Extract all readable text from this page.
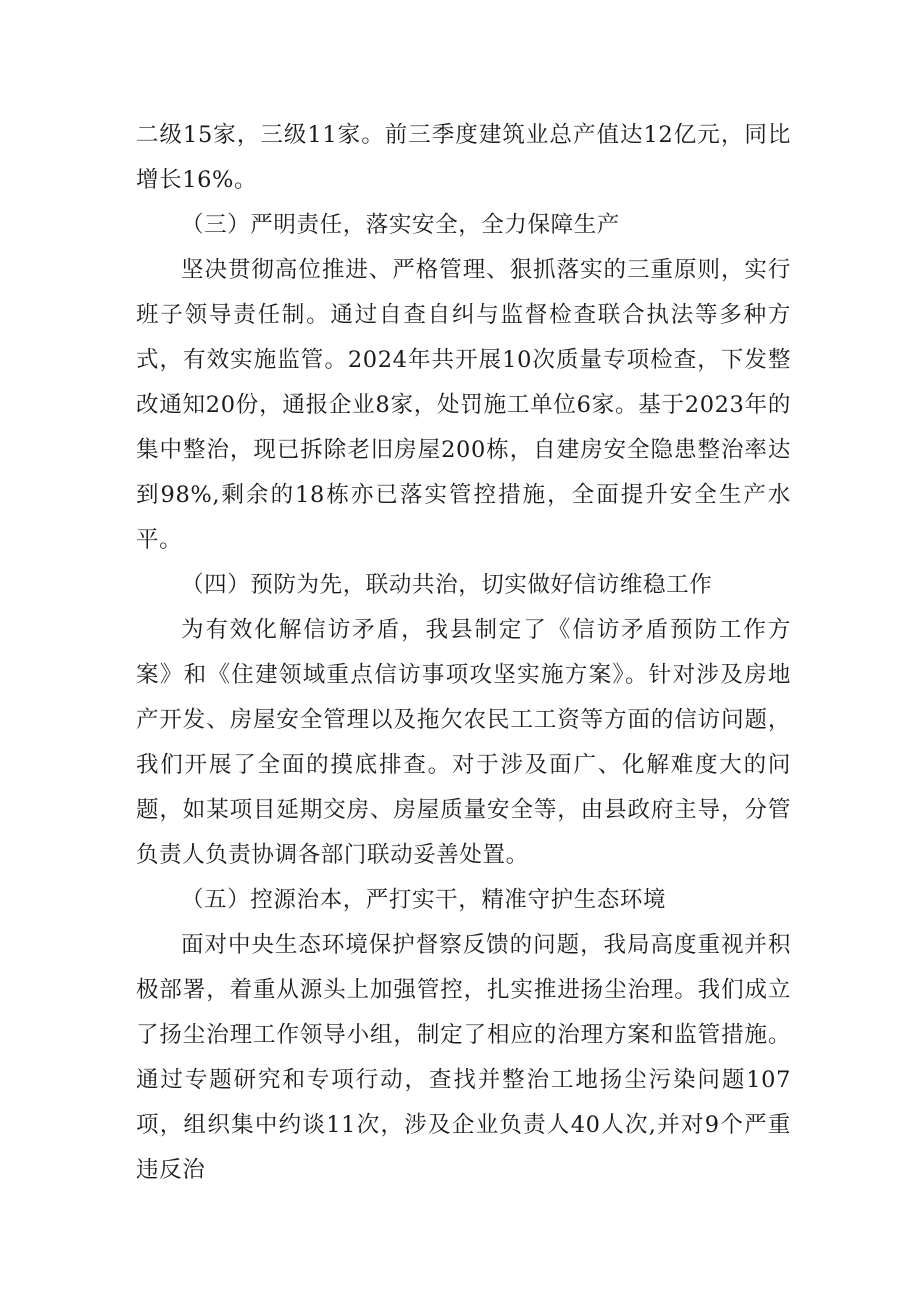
二级15家，三级11家。前三季度建筑业总产值达12亿元，同比增长16%。

（三）严明责任，落实安全，全力保障生产

坚决贯彻高位推进、严格管理、狠抓落实的三重原则，实行班子领导责任制。通过自查自纠与监督检查联合执法等多种方式，有效实施监管。2024年共开展10次质量专项检查，下发整改通知20份，通报企业8家，处罚施工单位6家。基于2023年的集中整治，现已拆除老旧房屋200栋，自建房安全隐患整治率达到98%,剩余的18栋亦已落实管控措施，全面提升安全生产水平。

（四）预防为先，联动共治，切实做好信访维稳工作

为有效化解信访矛盾，我县制定了《信访矛盾预防工作方案》和《住建领域重点信访事项攻坚实施方案》。针对涉及房地产开发、房屋安全管理以及拖欠农民工工资等方面的信访问题，我们开展了全面的摸底排查。对于涉及面广、化解难度大的问题，如某项目延期交房、房屋质量安全等，由县政府主导，分管负责人负责协调各部门联动妥善处置。

（五）控源治本，严打实干，精准守护生态环境

面对中央生态环境保护督察反馈的问题，我局高度重视并积极部署，着重从源头上加强管控，扎实推进扬尘治理。我们成立了扬尘治理工作领导小组，制定了相应的治理方案和监管措施。通过专题研究和专项行动，查找并整治工地扬尘污染问题107项，组织集中约谈11次，涉及企业负责人40人次,并对9个严重违反治
